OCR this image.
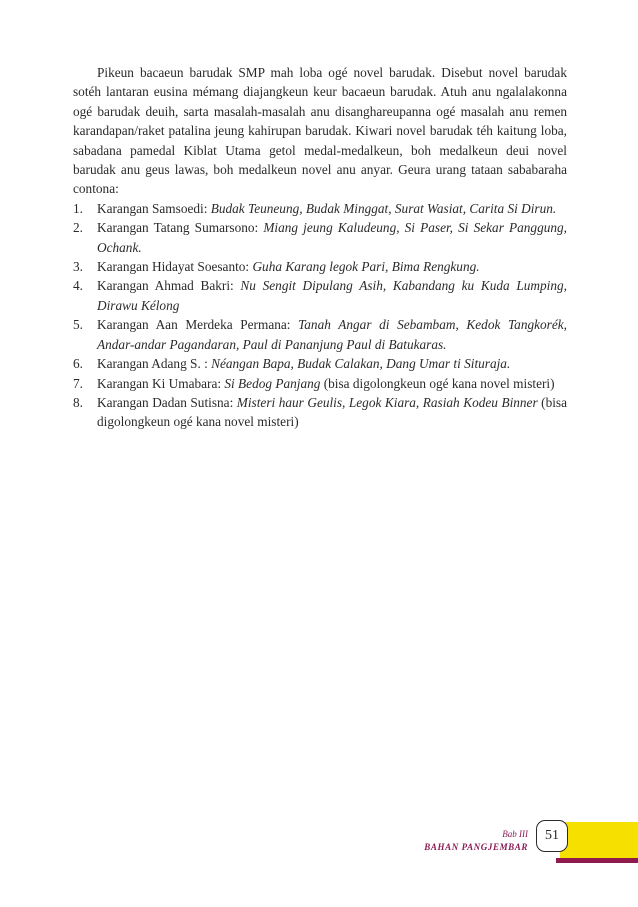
Pikeun bacaeun barudak SMP mah loba ogé novel barudak. Disebut novel barudak sotéh lantaran eusina mémang diajangkeun keur bacaeun barudak. Atuh anu ngalalakonna ogé barudak deuih, sarta masalah-masalah anu disanghareupanna ogé masalah anu remen karandapan/raket patalina jeung kahirupan barudak. Kiwari novel barudak téh kaitung loba, sabadana pamedal Kiblat Utama getol medal-medalkeun, boh medalkeun deui novel barudak anu geus lawas, boh medalkeun novel anu anyar. Geura urang tataan sababaraha contona:

1. Karangan Samsoedi: Budak Teuneung, Budak Minggat, Surat Wasiat, Carita Si Dirun.
2. Karangan Tatang Sumarsono: Miang jeung Kaludeung, Si Paser, Si Sekar Panggung, Ochank.
3. Karangan Hidayat Soesanto: Guha Karang legok Pari, Bima Rengkung.
4. Karangan Ahmad Bakri: Nu Sengit Dipulang Asih, Kabandang ku Kuda Lumping, Dirawu Kélong
5. Karangan Aan Merdeka Permana: Tanah Angar di Sebambam, Kedok Tangkorék, Andar-andar Pagandaran, Paul di Pananjung Paul di Batukaras.
6. Karangan Adang S. : Néangan Bapa, Budak Calakan, Dang Umar ti Situraja.
7. Karangan Ki Umabara: Si Bedog Panjang (bisa digolongkeun ogé kana novel misteri)
8. Karangan Dadan Sutisna: Misteri haur Geulis, Legok Kiara, Rasiah Kodeu Binner (bisa digolongkeun ogé kana novel misteri)
Bab III
BAHAN PANGJEMBAR
51
